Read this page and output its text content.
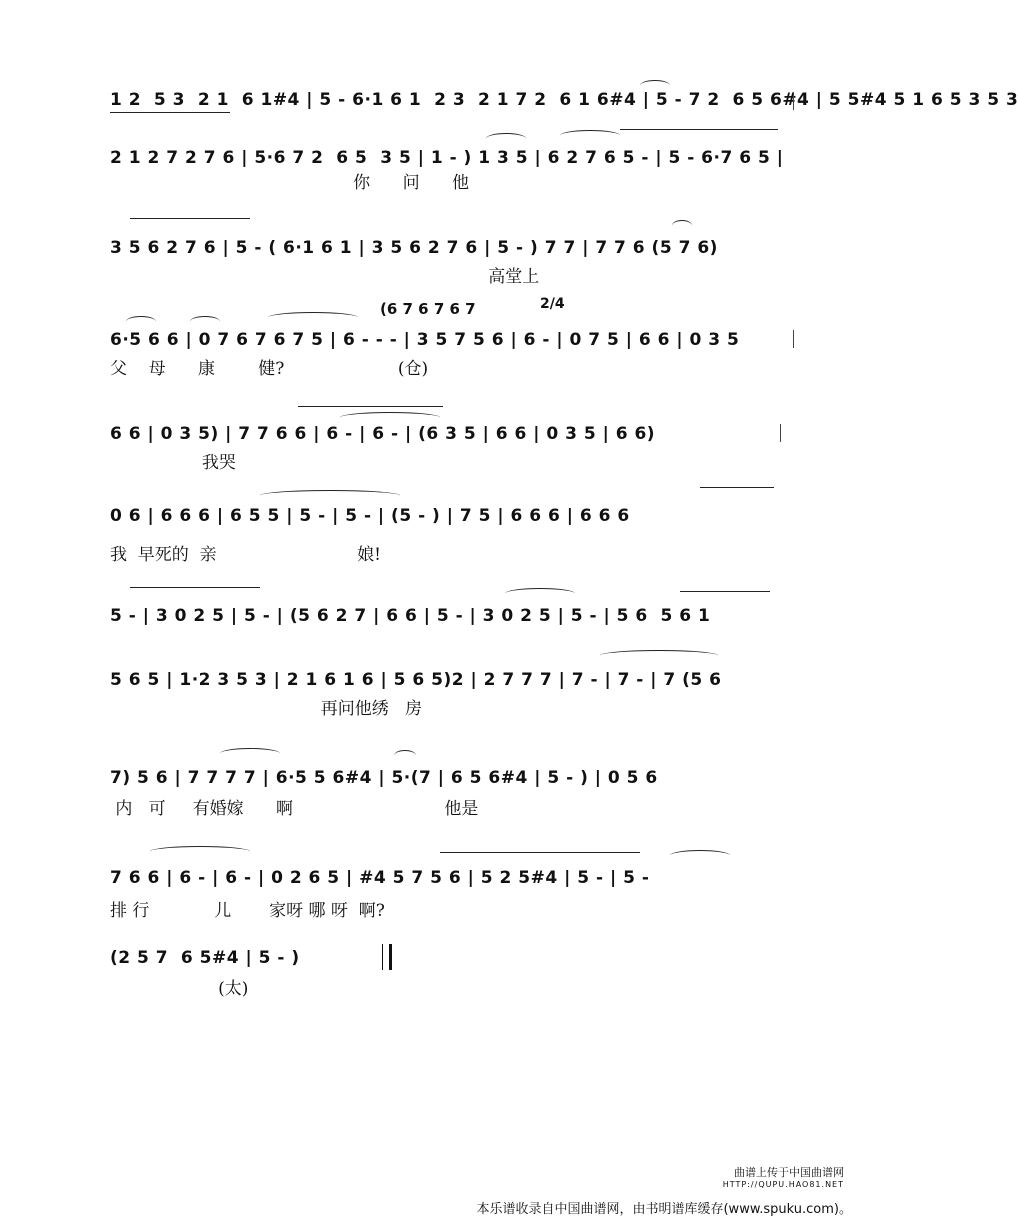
1 2  5 3  2 1  6 1#4 | 5 - 6·1 6 1  2 3  2 1 7 2  6 1 6#4 | 5 - 7 2  6 5 6#4 | 5 5#4 5 1 6 5 3 5 3
2 1 2 7 2 7 6 | 5·6 7 2  6 5  3 5 | 1 - ) 1 3 5 | 6 2 7 6 5 - | 5 - 6·7 6 5 |
你      问      他
3 5 6 2 7 6 | 5 - ( 6·1 6 1 | 3 5 6 2 7 6 | 5 - ) 7 7 | 7 7 6 (5 7 6)
高堂上
6·5 6 6 | 0 7 6 7 6 7 5 | 6 - - - | 3 5 7 5 6 | 6 - | 0 7 5 | 6 6 | 0 3 5
父    母      康        健?                     (仓)
(6 7 6 7 6 7	2/4
6 6 | 0 3 5) | 7 7 6 6 | 6 - | 6 - | (6 3 5 | 6 6 | 0 3 5 | 6 6)
我哭
0 6 | 6 6 6 | 6 5 5 | 5 - | 5 - | (5 - ) | 7 5 | 6 6 6 | 6 6 6
我  早死的  亲                          娘!
5 - | 3 0 2 5 | 5 - | (5 6 2 7 | 6 6 | 5 - | 3 0 2 5 | 5 - | 5 6  5 6 1
5 6 5 | 1·2 3 5 3 | 2 1 6 1 6 | 5 6 5)2 | 2 7 7 7 | 7 - | 7 - | 7 (5 6
再问他绣   房
7) 5 6 | 7 7 7 7 | 6·5 5 6#4 | 5·(7 | 6 5 6#4 | 5 - ) | 0 5 6
内   可     有婚嫁      啊                            他是
7 6 6 | 6 - | 6 - | 0 2 6 5 | #4 5 7 5 6 | 5 2 5#4 | 5 - | 5 -
排 行            儿       家呀 哪 呀  啊?
(2 5 7  6 5#4 | 5 - )
(太)
曲谱上传于中国曲谱网
HTTP://QUPU.HAO81.NET
本乐谱收录自中国曲谱网，由书明谱库缓存(www.spuku.com)。
